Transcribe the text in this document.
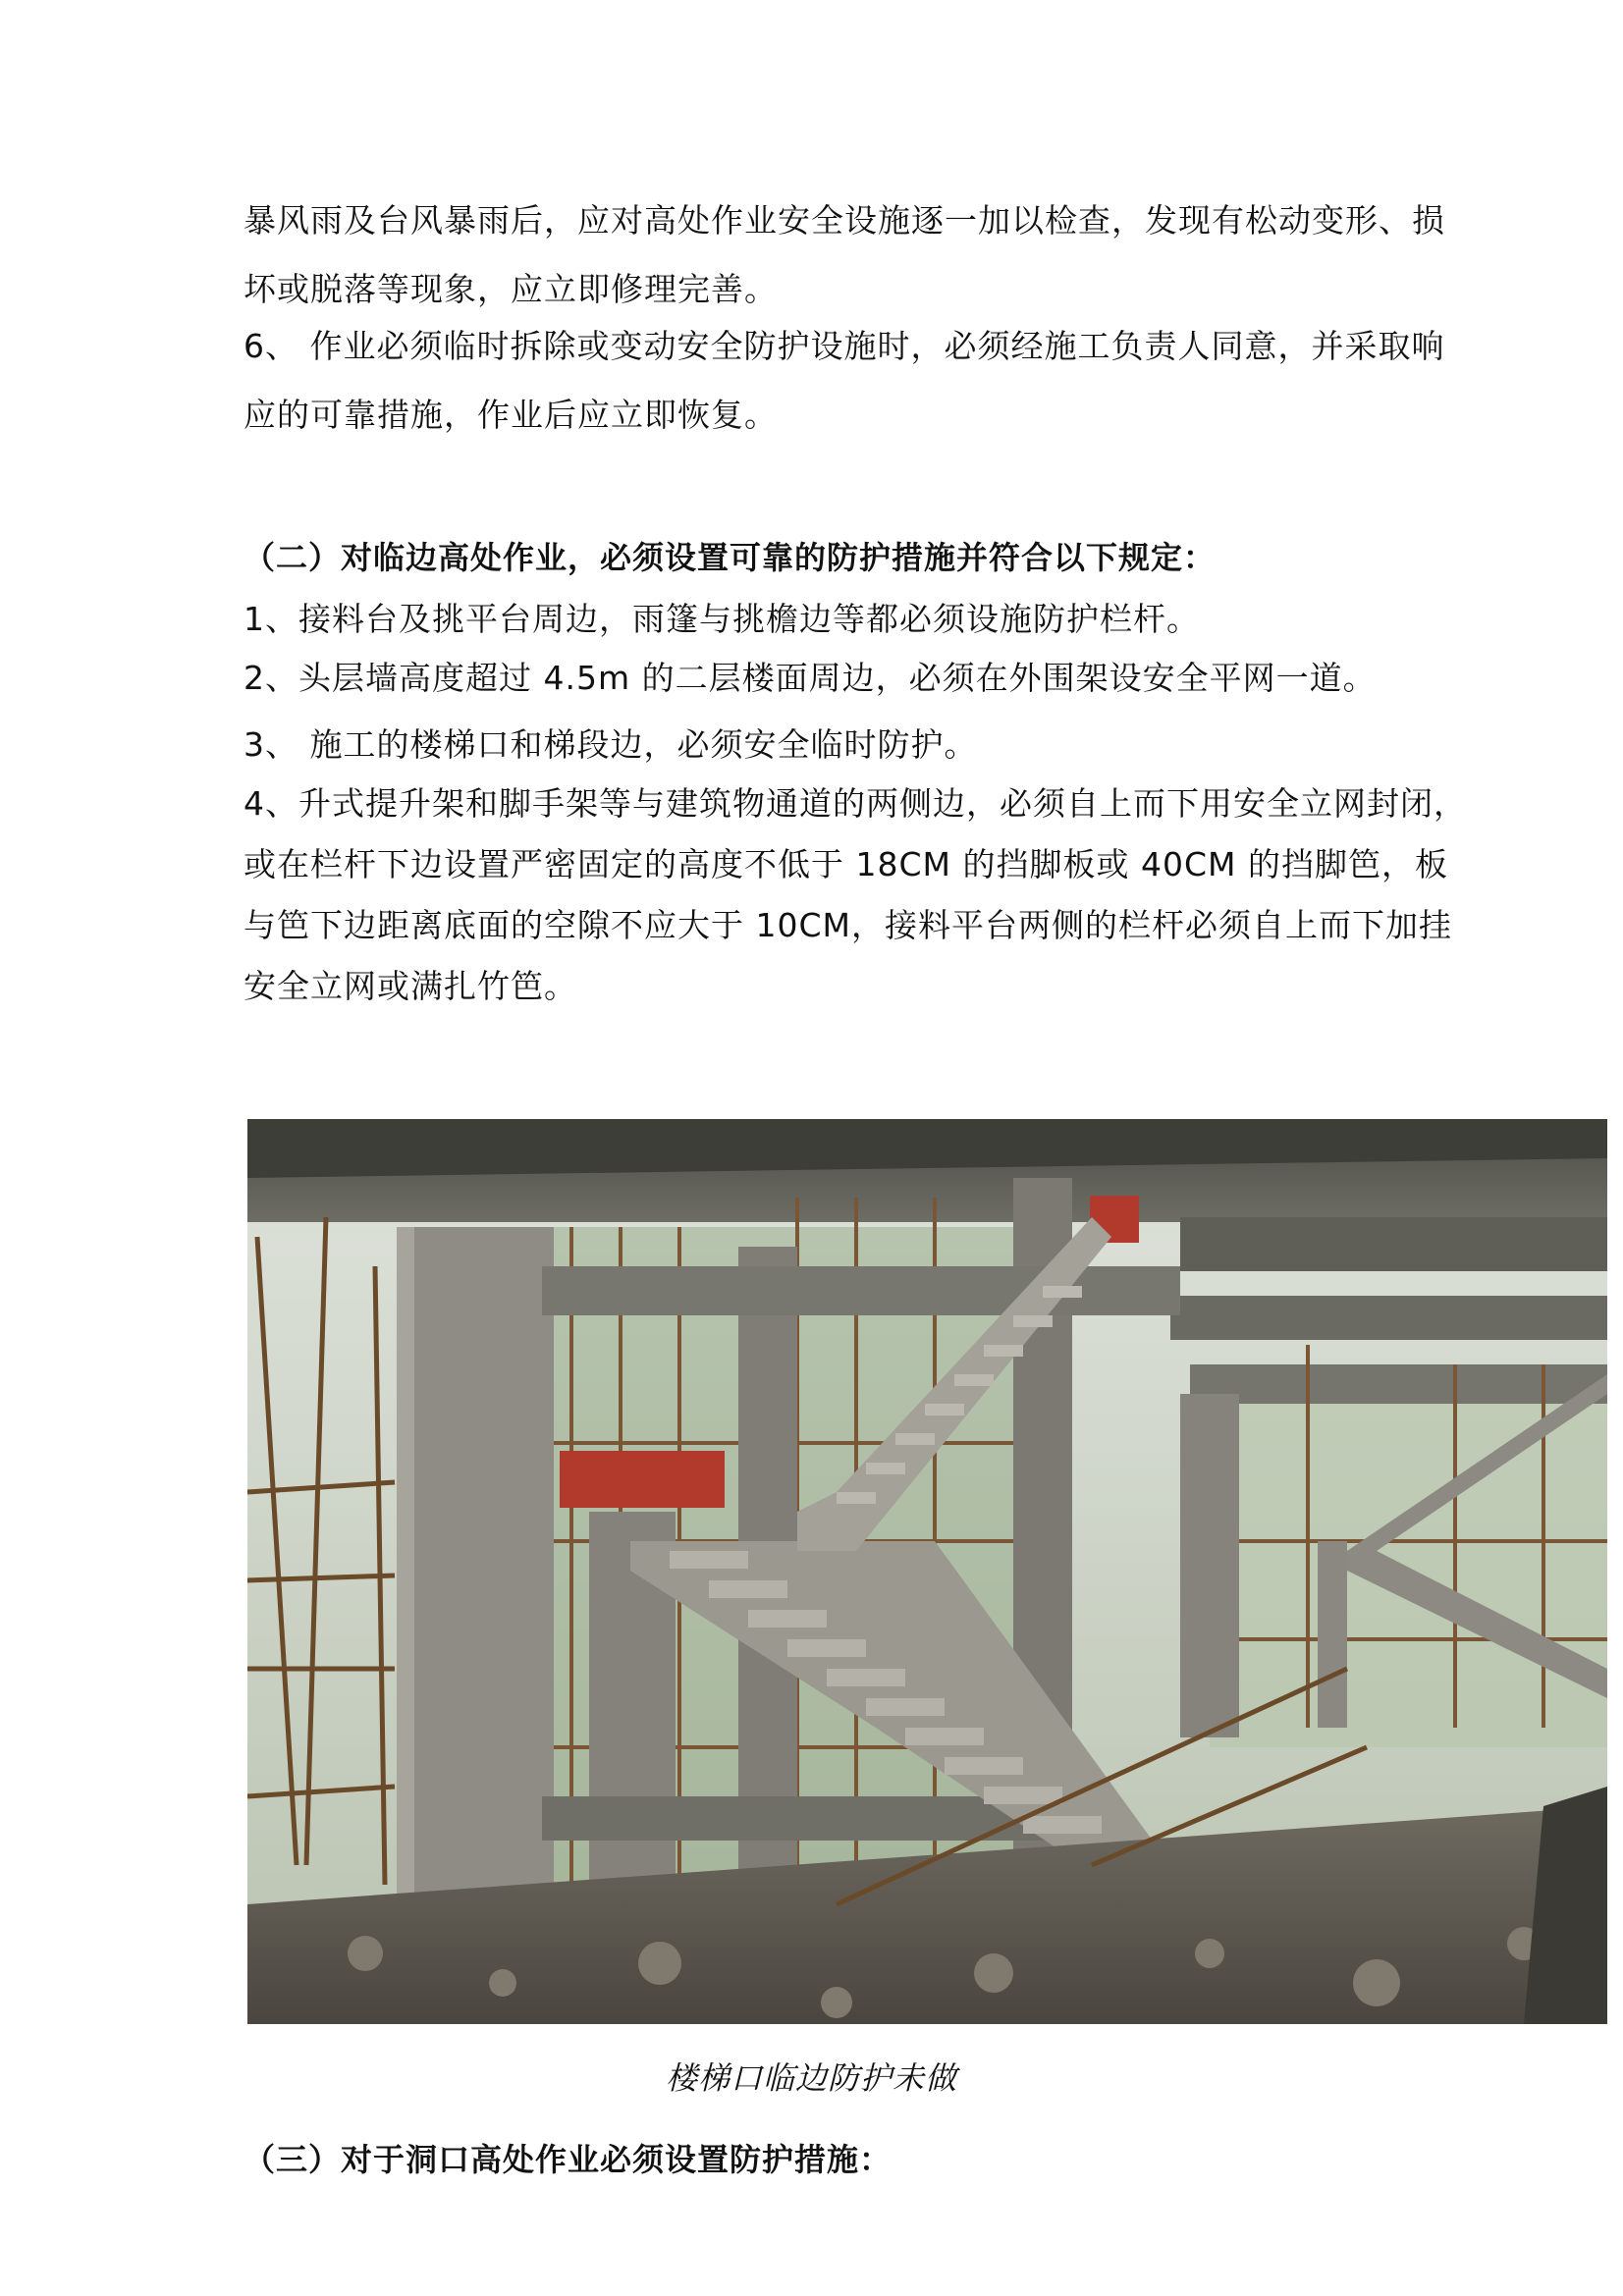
暴风雨及台风暴雨后，应对高处作业安全设施逐一加以检查，发现有松动变形、损坏或脱落等现象，应立即修理完善。

6、 作业必须临时拆除或变动安全防护设施时，必须经施工负责人同意，并采取响应的可靠措施，作业后应立即恢复。

（二）对临边高处作业，必须设置可靠的防护措施并符合以下规定：

1、接料台及挑平台周边，雨篷与挑檐边等都必须设施防护栏杆。

2、头层墙高度超过 4.5m 的二层楼面周边，必须在外围架设安全平网一道。

3、 施工的楼梯口和梯段边，必须安全临时防护。

4、升式提升架和脚手架等与建筑物通道的两侧边，必须自上而下用安全立网封闭，或在栏杆下边设置严密固定的高度不低于 18CM 的挡脚板或 40CM 的挡脚笆，板与笆下边距离底面的空隙不应大于 10CM，接料平台两侧的栏杆必须自上而下加挂安全立网或满扎竹笆。

楼梯口临边防护未做

（三）对于洞口高处作业必须设置防护措施：
